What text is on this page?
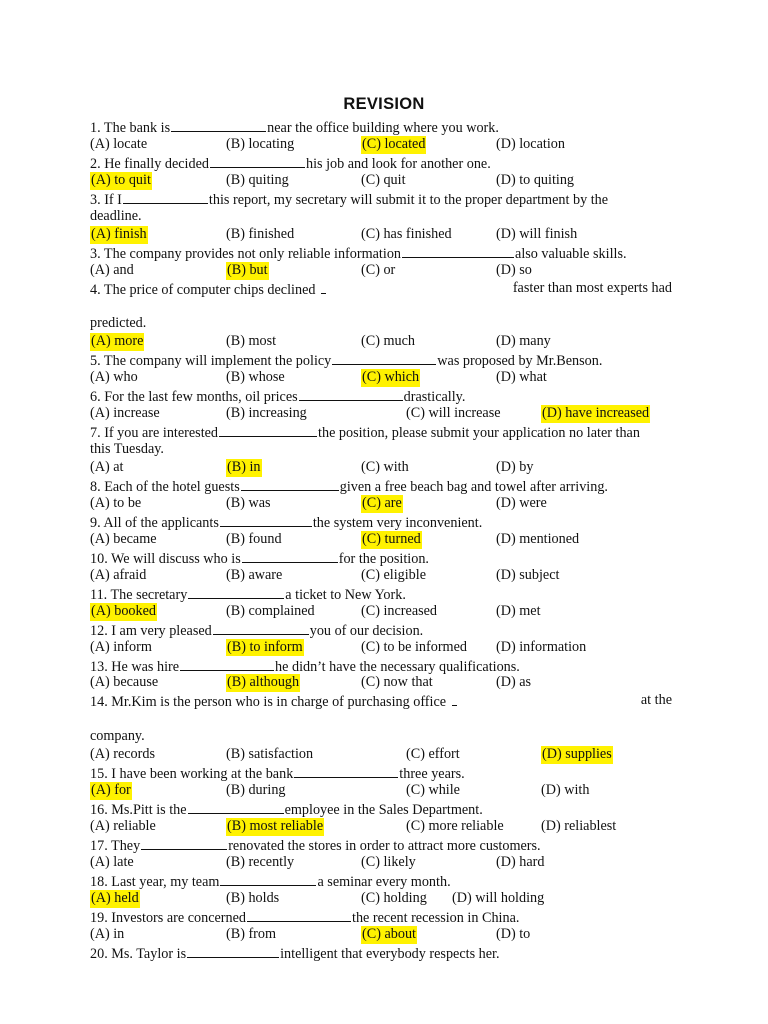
REVISION
1. The bank is	near the office building where you work.
(A) locate	(B) locating	(C) located	(D) location
2. He finally decided	his job and look for another one.
(A) to quit	(B) quiting	(C) quit	(D) to quiting
3. If I	this report, my secretary will submit it to the proper department by the
deadline.
(A) finish	(B) finished	(C) has finished	(D) will finish
3. The company provides not only reliable information	also valuable skills.
(A) and	(B) but	(C) or	(D) so
4. The price of computer chips declined	faster than most experts had
predicted.
(A) more	(B) most	(C) much	(D) many
5. The company will implement the policy	was proposed by Mr.Benson.
(A) who	(B) whose	(C) which	(D) what
6. For the last few months, oil prices	drastically.
(A) increase	(B) increasing	(C) will increase	(D) have increased
7. If you are interested	the position, please submit your application no later than
this Tuesday.
(A) at	(B) in	(C) with	(D) by
8. Each of the hotel guests	given a free beach bag and towel after arriving.
(A) to be	(B) was	(C) are	(D) were
9. All of the applicants	the system very inconvenient.
(A) became	(B) found	(C) turned	(D) mentioned
10. We will discuss who is	for the position.
(A) afraid	(B) aware	(C) eligible	(D) subject
11. The secretary	a ticket to New York.
(A) booked	(B) complained	(C) increased	(D) met
12. I am very pleased	you of our decision.
(A) inform	(B) to inform	(C) to be informed (D) information
13. He was hire	he didn’t have the necessary qualifications.
(A) because	(B) although	(C) now that	(D) as
14. Mr.Kim is the person who is in charge of purchasing office	at the
company.
(A) records	(B) satisfaction	(C) effort	(D) supplies
15. I have been working at the bank	three years.
(A) for	(B) during	(C) while	(D) with
16. Ms.Pitt is the	employee in the Sales Department.
(A) reliable	(B) most reliable	(C) more reliable	(D) reliablest
17. They	renovated the stores in order to attract more customers.
(A) late	(B) recently	(C) likely	(D) hard
18. Last year, my team	a seminar every month.
(A) held	(B) holds	(C) holding (D) will holding
19. Investors are concerned	the recent recession in China.
(A) in	(B) from	(C) about	(D) to
20. Ms. Taylor is	intelligent that everybody respects her.
